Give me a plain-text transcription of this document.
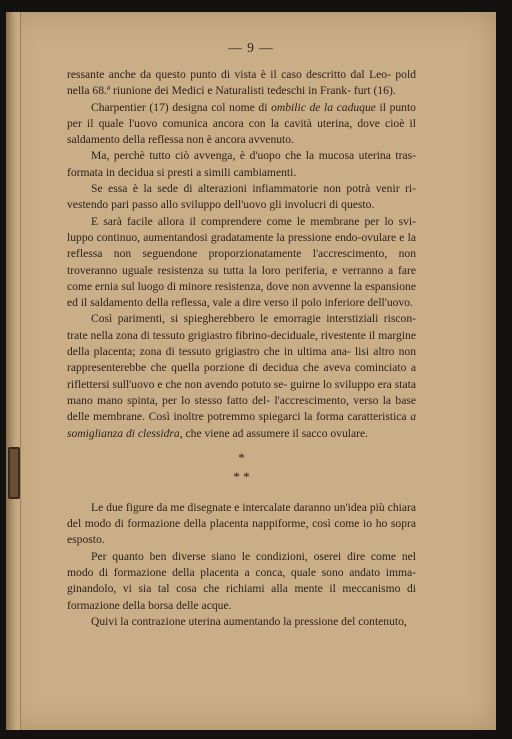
— 9 —

ressante anche da questo punto di vista è il caso descritto dal Leo- pold nella 68.ª riunione dei Medici e Naturalisti tedeschi in Frank- furt (16).

Charpentier (17) designa col nome di ombilic de la caduque il punto per il quale l'uovo comunica ancora con la cavità uterina, dove cioè il saldamento della reflessa non è ancora avvenuto.

Ma, perchè tutto ciò avvenga, è d'uopo che la mucosa uterina tras- formata in decidua si presti a simili cambiamenti.

Se essa è la sede di alterazioni infiammatorie non potrà venir ri- vestendo pari passo allo sviluppo dell'uovo gli involucri di questo.

E sarà facile allora il comprendere come le membrane per lo svi- luppo continuo, aumentandosi gradatamente la pressione endo-ovulare e la reflessa non seguendone proporzionatamente l'accrescimento, non troveranno uguale resistenza su tutta la loro periferia, e verranno a fare come ernia sul luogo di minore resistenza, dove non avvenne la espansione ed il saldamento della reflessa, vale a dire verso il polo inferiore dell'uovo.

Così parimenti, si spiegherebbero le emorragie interstiziali riscon- trate nella zona di tessuto grigiastro fibrino-deciduale, rivestente il margine della placenta; zona di tessuto grigiastro che in ultima ana- lisi altro non rappresenterebbe che quella porzione di decidua che aveva cominciato a riflettersi sull'uovo e che non avendo potuto se- guirne lo sviluppo era stata mano mano spinta, per lo stesso fatto del- l'accrescimento, verso la base delle membrane. Così inoltre potremmo spiegarci la forma caratteristica a somiglianza di clessidra, che viene ad assumere il sacco ovulare.

*
* *

Le due figure da me disegnate e intercalate daranno un'idea più chiara del modo di formazione della placenta nappiforme, così come io ho sopra esposto.

Per quanto ben diverse siano le condizioni, oserei dire come nel modo di formazione della placenta a conca, quale sono andato imma- ginandolo, vi sia tal cosa che richiami alla mente il meccanismo di formazione della borsa delle acque.

Quivi la contrazione uterina aumentando la pressione del contenuto,
